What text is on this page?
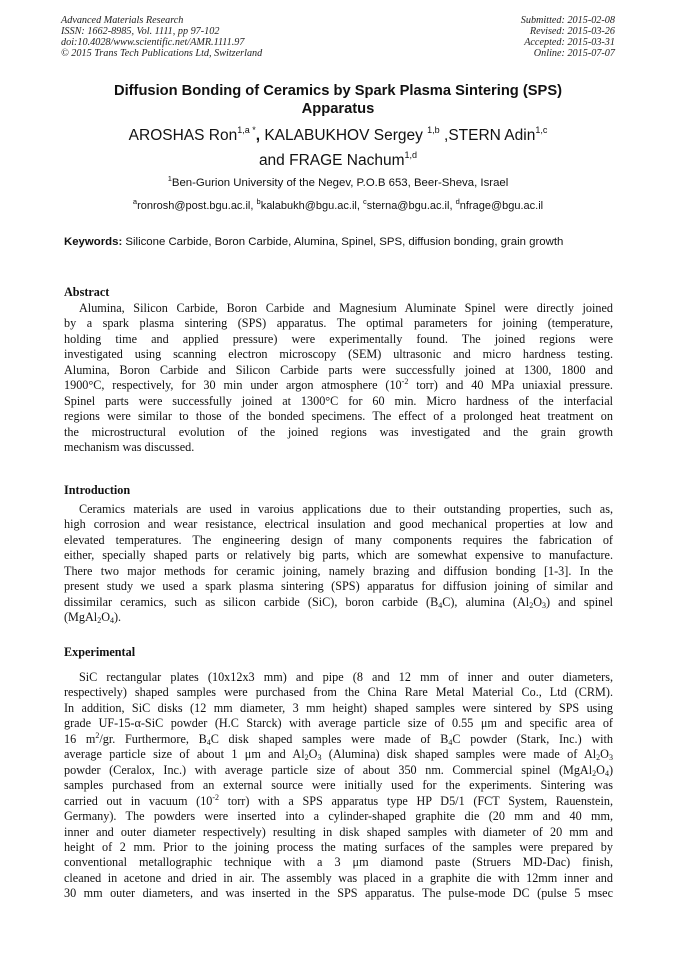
Advanced Materials Research
ISSN: 1662-8985, Vol. 1111, pp 97-102
doi:10.4028/www.scientific.net/AMR.1111.97
© 2015 Trans Tech Publications Ltd, Switzerland
Submitted: 2015-02-08
Revised: 2015-03-26
Accepted: 2015-03-31
Online: 2015-07-07
Diffusion Bonding of Ceramics by Spark Plasma Sintering (SPS)
Apparatus
AROSHAS Ron$^{1,a *}$, KALABUKHOV Sergey $^{1,b}$ ,STERN Adin$^{1,c}$
and FRAGE Nachum$^{1,d}$
$^1$Ben-Gurion University of the Negev, P.O.B 653, Beer-Sheva, Israel
$^a$ronrosh@post.bgu.ac.il, $^b$kalabukh@bgu.ac.il, $^c$sterna@bgu.ac.il, $^d$nfrage@bgu.ac.il
Keywords: Silicone Carbide, Boron Carbide, Alumina, Spinel, SPS, diffusion bonding, grain growth
Abstract
Alumina, Silicon Carbide, Boron Carbide and Magnesium Aluminate Spinel were directly joined
by a spark plasma sintering (SPS) apparatus. The optimal parameters for joining (temperature,
holding time and applied pressure) were experimentally found. The joined regions were
investigated using scanning electron microscopy (SEM) ultrasonic and micro hardness testing.
Alumina, Boron Carbide and Silicon Carbide parts were successfully joined at 1300, 1800 and
1900°C, respectively, for 30 min under argon atmosphere ($10^{-2}$ torr) and 40 MPa uniaxial pressure.
Spinel parts were successfully joined at 1300°C for 60 min. Micro hardness of the interfacial
regions were similar to those of the bonded specimens. The effect of a prolonged heat treatment on
the microstructural evolution of the joined regions was investigated and the grain growth
mechanism was discussed.
Introduction
Ceramics materials are used in varoius applications due to their outstanding properties, such as,
high corrosion and wear resistance, electrical insulation and good mechanical properties at low and
elevated temperatures. The engineering design of many components requires the fabrication of
either, specially shaped parts or relatively big parts, which are somewhat expensive to manufacture.
There two major methods for ceramic joining, namely brazing and diffusion bonding [1-3]. In the
present study we used a spark plasma sintering (SPS) apparatus for diffusion joining of similar and
dissimilar ceramics, such as silicon carbide (SiC), boron carbide $(B_4C)$, alumina $(Al_2O_3)$ and spinel
$(MgAl_2O_4)$.
Experimental
SiC rectangular plates (10x12x3 mm) and pipe (8 and 12 mm of inner and outer diameters,
respectively) shaped samples were purchased from the China Rare Metal Material Co., Ltd (CRM).
In addition, SiC disks (12 mm diameter, 3 mm height) shaped samples were sintered by SPS using
grade UF-15-α-SiC powder (H.C Starck) with average particle size of 0.55 μm and specific area of
16 $m^2/gr$. Furthermore, $B_4C$ disk shaped samples were made of $B_4C$ powder (Stark, Inc.) with
average particle size of about 1 μm and $Al_2O_3$ (Alumina) disk shaped samples were made of $Al_2O_3$
powder (Ceralox, Inc.) with average particle size of about 350 nm. Commercial spinel $(MgAl_2O_4)$
samples purchased from an external source were initially used for the experiments. Sintering was
carried out in vacuum ($10^{-2}$ torr) with a SPS apparatus type HP D5/1 (FCT System, Rauenstein,
Germany). The powders were inserted into a cylinder-shaped graphite die (20 mm and 40 mm,
inner and outer diameter respectively) resulting in disk shaped samples with diameter of 20 mm and
height of 2 mm. Prior to the joining process the mating surfaces of the samples were prepared by
conventional metallographic technique with a 3 μm diamond paste (Struers MD-Dac) finish,
cleaned in acetone and dried in air. The assembly was placed in a graphite die with 12mm inner and
30 mm outer diameters, and was inserted in the SPS apparatus. The pulse-mode DC (pulse 5 msec
